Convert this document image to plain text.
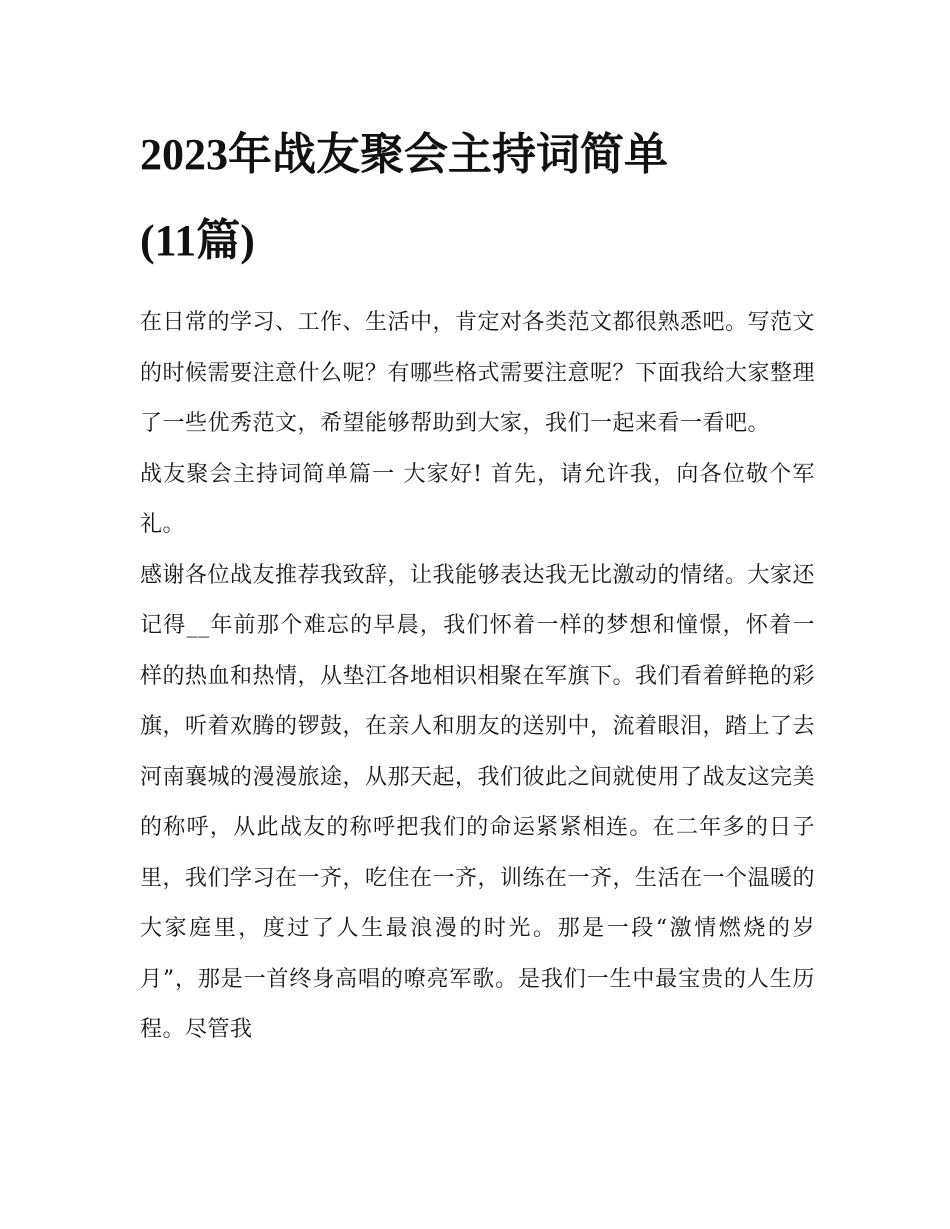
2023年战友聚会主持词简单
(11篇)

在日常的学习、工作、生活中，肯定对各类范文都很熟悉吧。写范文的时候需要注意什么呢？有哪些格式需要注意呢？下面我给大家整理了一些优秀范文，希望能够帮助到大家，我们一起来看一看吧。

战友聚会主持词简单篇一 大家好! 首先，请允许我，向各位敬个军礼。

感谢各位战友推荐我致辞，让我能够表达我无比激动的情绪。大家还记得__年前那个难忘的早晨，我们怀着一样的梦想和憧憬，怀着一样的热血和热情，从垫江各地相识相聚在军旗下。我们看着鲜艳的彩旗，听着欢腾的锣鼓，在亲人和朋友的送别中，流着眼泪，踏上了去河南襄城的漫漫旅途，从那天起，我们彼此之间就使用了战友这完美的称呼，从此战友的称呼把我们的命运紧紧相连。在二年多的日子里，我们学习在一齐，吃住在一齐，训练在一齐，生活在一个温暖的大家庭里，度过了人生最浪漫的时光。那是一段“激情燃烧的岁月”，那是一首终身高唱的嘹亮军歌。是我们一生中最宝贵的人生历程。尽管我
